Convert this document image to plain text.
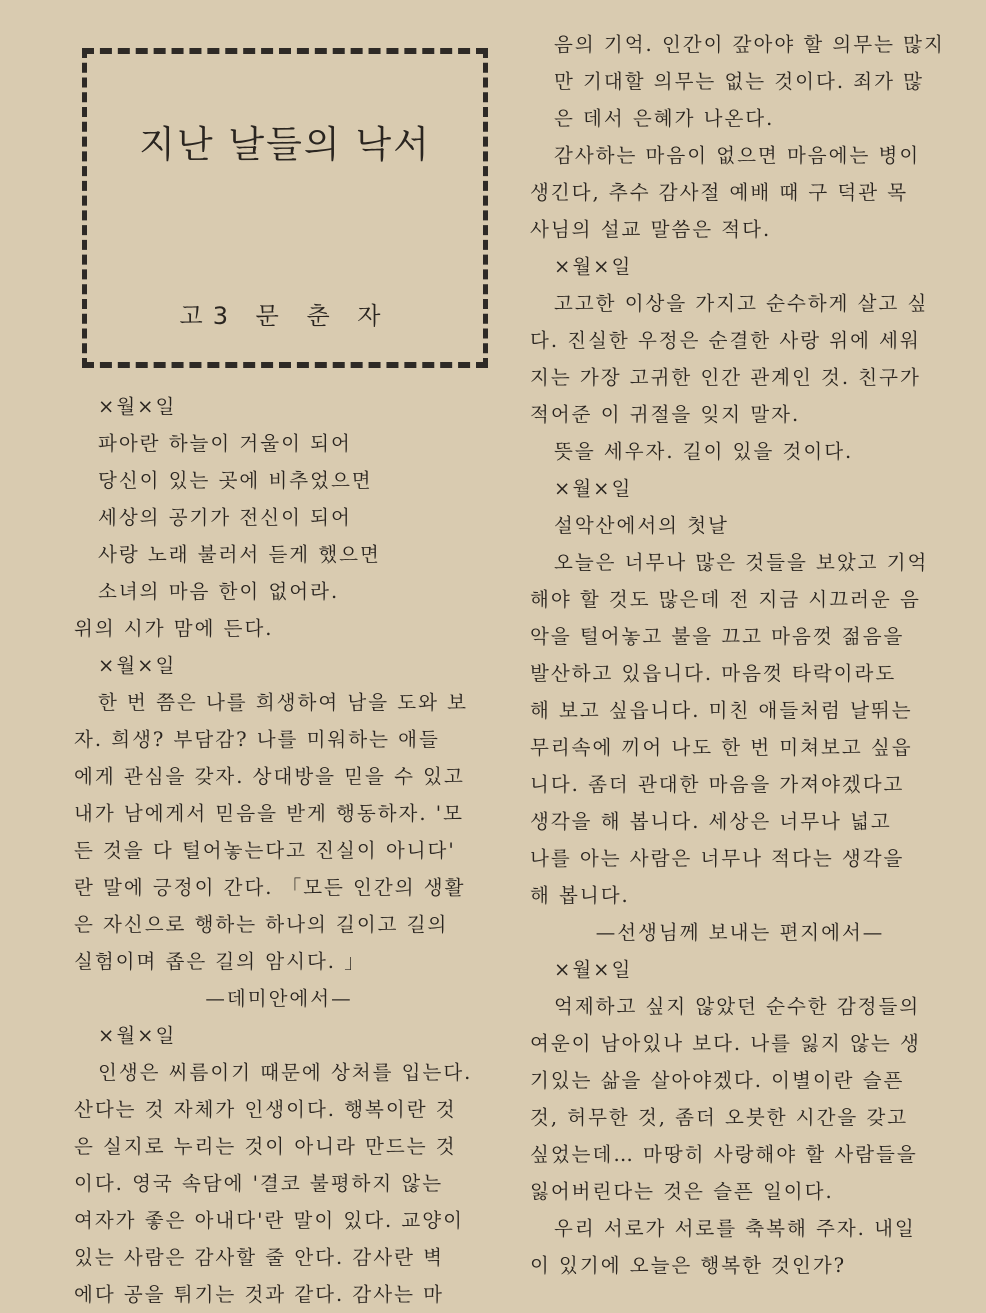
지난 날들의 낙서
고3 문 춘 자
×월×일
파아란 하늘이 거울이 되어
당신이 있는 곳에 비추었으면
세상의 공기가 전신이 되어
사랑 노래 불러서 듣게 했으면
소녀의 마음 한이 없어라.
위의 시가 맘에 든다.
×월×일
한 번 쯤은 나를 희생하여 남을 도와 보
자. 희생? 부담감? 나를 미워하는 애들
에게 관심을 갖자. 상대방을 믿을 수 있고
내가 남에게서 믿음을 받게 행동하자. '모
든 것을 다 털어놓는다고 진실이 아니다'
란 말에 긍정이 간다. 「모든 인간의 생활
은 자신으로 행하는 하나의 길이고 길의
실험이며 좁은 길의 암시다. 」
—데미안에서—
×월×일
인생은 씨름이기 때문에 상처를 입는다.
산다는 것 자체가 인생이다. 행복이란 것
은 실지로 누리는 것이 아니라 만드는 것
이다. 영국 속담에 '결코 불평하지 않는
여자가 좋은 아내다'란 말이 있다. 교양이
있는 사람은 감사할 줄 안다. 감사란 벽
에다 공을 튀기는 것과 같다. 감사는 마
음의 기억. 인간이 갚아야 할 의무는 많지
만 기대할 의무는 없는 것이다. 죄가 많
은 데서 은혜가 나온다.
감사하는 마음이 없으면 마음에는 병이
생긴다, 추수 감사절 예배 때 구 덕관 목
사님의 설교 말씀은 적다.
×월×일
고고한 이상을 가지고 순수하게 살고 싶
다. 진실한 우정은 순결한 사랑 위에 세워
지는 가장 고귀한 인간 관계인 것. 친구가
적어준 이 귀절을 잊지 말자.
뜻을 세우자. 길이 있을 것이다.
×월×일
설악산에서의 첫날
오늘은 너무나 많은 것들을 보았고 기억
해야 할 것도 많은데 전 지금 시끄러운 음
악을 털어놓고 불을 끄고 마음껏 젊음을
발산하고 있읍니다. 마음껏 타락이라도
해 보고 싶읍니다. 미친 애들처럼 날뛰는
무리속에 끼어 나도 한 번 미쳐보고 싶읍
니다. 좀더 관대한 마음을 가져야겠다고
생각을 해 봅니다. 세상은 너무나 넓고
나를 아는 사람은 너무나 적다는 생각을
해 봅니다.
—선생님께 보내는 편지에서—
×월×일
억제하고 싶지 않았던 순수한 감정들의
여운이 남아있나 보다. 나를 잃지 않는 생
기있는 삶을 살아야겠다. 이별이란 슬픈
것, 허무한 것, 좀더 오붓한 시간을 갖고
싶었는데… 마땅히 사랑해야 할 사람들을
잃어버린다는 것은 슬픈 일이다.
우리 서로가 서로를 축복해 주자. 내일
이 있기에 오늘은 행복한 것인가?
